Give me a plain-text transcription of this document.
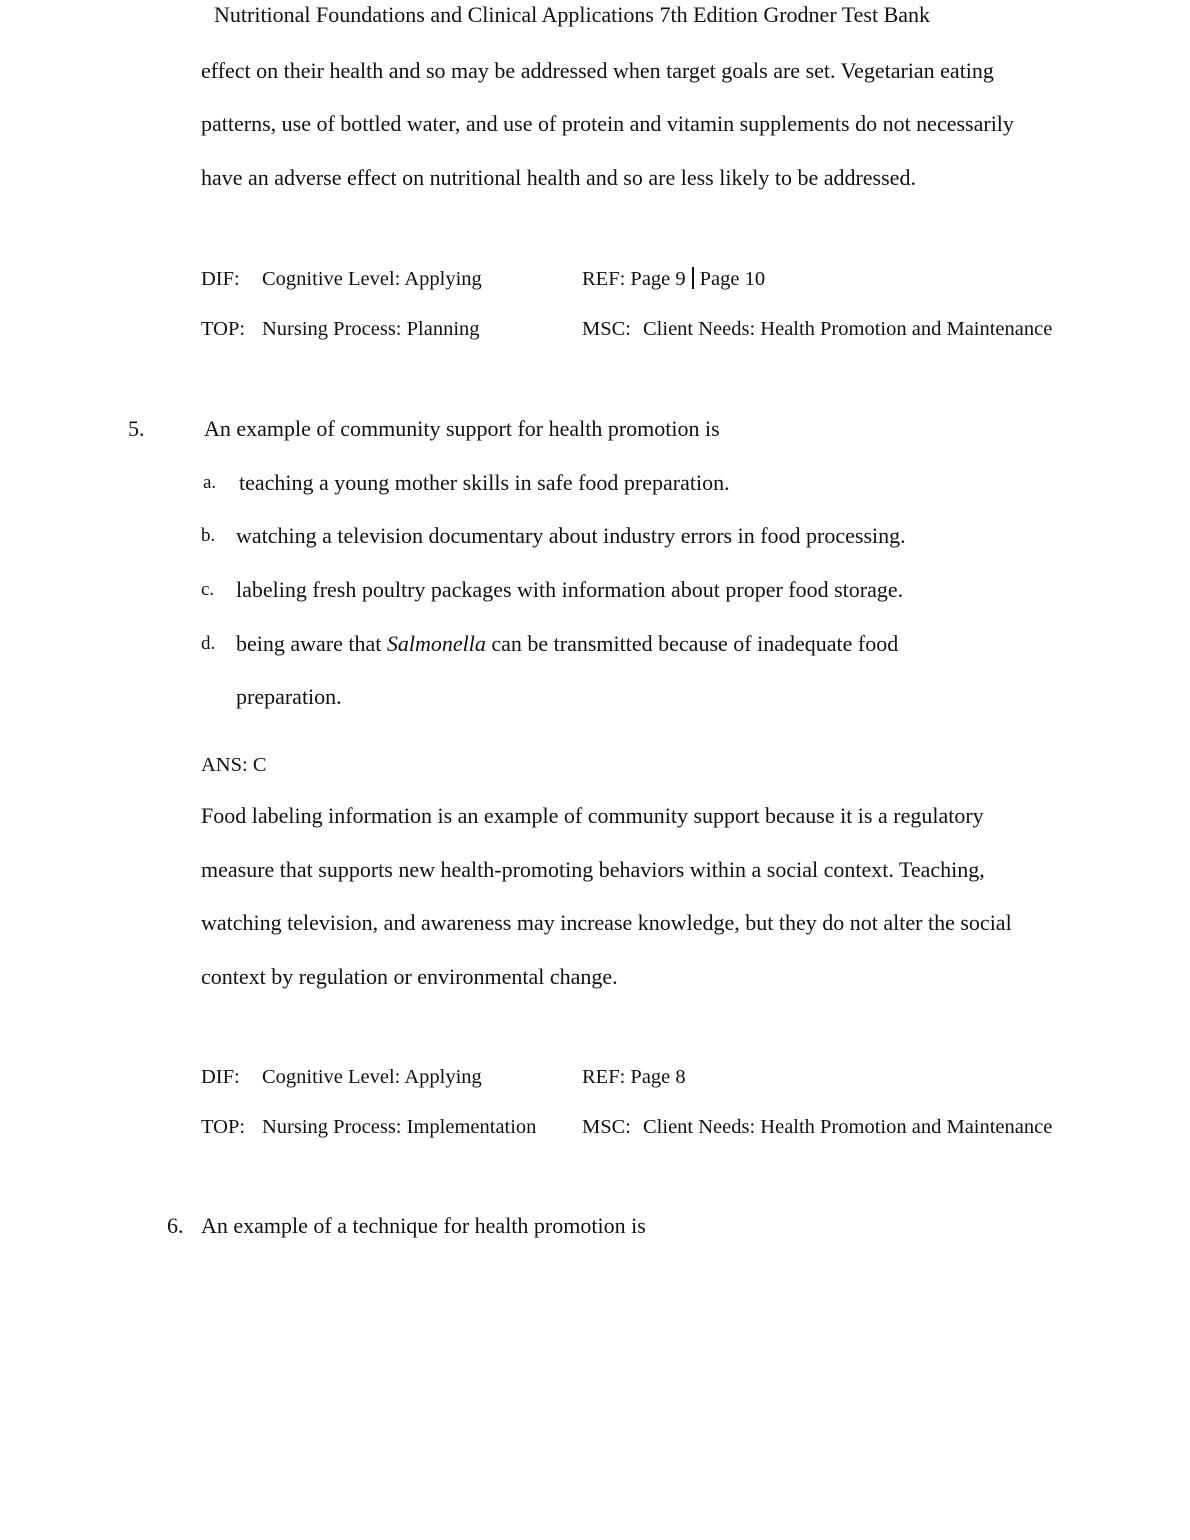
Nutritional Foundations and Clinical Applications 7th Edition Grodner Test Bank
effect on their health and so may be addressed when target goals are set. Vegetarian eating
patterns, use of bottled water, and use of protein and vitamin supplements do not necessarily
have an adverse effect on nutritional health and so are less likely to be addressed.
DIF: Cognitive Level: Applying	REF: Page 9 Page 10
TOP: Nursing Process: Planning	MSC: Client Needs: Health Promotion and Maintenance
5.	An example of community support for health promotion is
a. teaching a young mother skills in safe food preparation.
b. watching a television documentary about industry errors in food processing.
c. labeling fresh poultry packages with information about proper food storage.
d. being aware that Salmonella can be transmitted because of inadequate food
preparation.
ANS: C
Food labeling information is an example of community support because it is a regulatory
measure that supports new health-promoting behaviors within a social context. Teaching,
watching television, and awareness may increase knowledge, but they do not alter the social
context by regulation or environmental change.
DIF: Cognitive Level: Applying	REF: Page 8
TOP: Nursing Process: Implementation MSC: Client Needs: Health Promotion and Maintenance
6. An example of a technique for health promotion is
